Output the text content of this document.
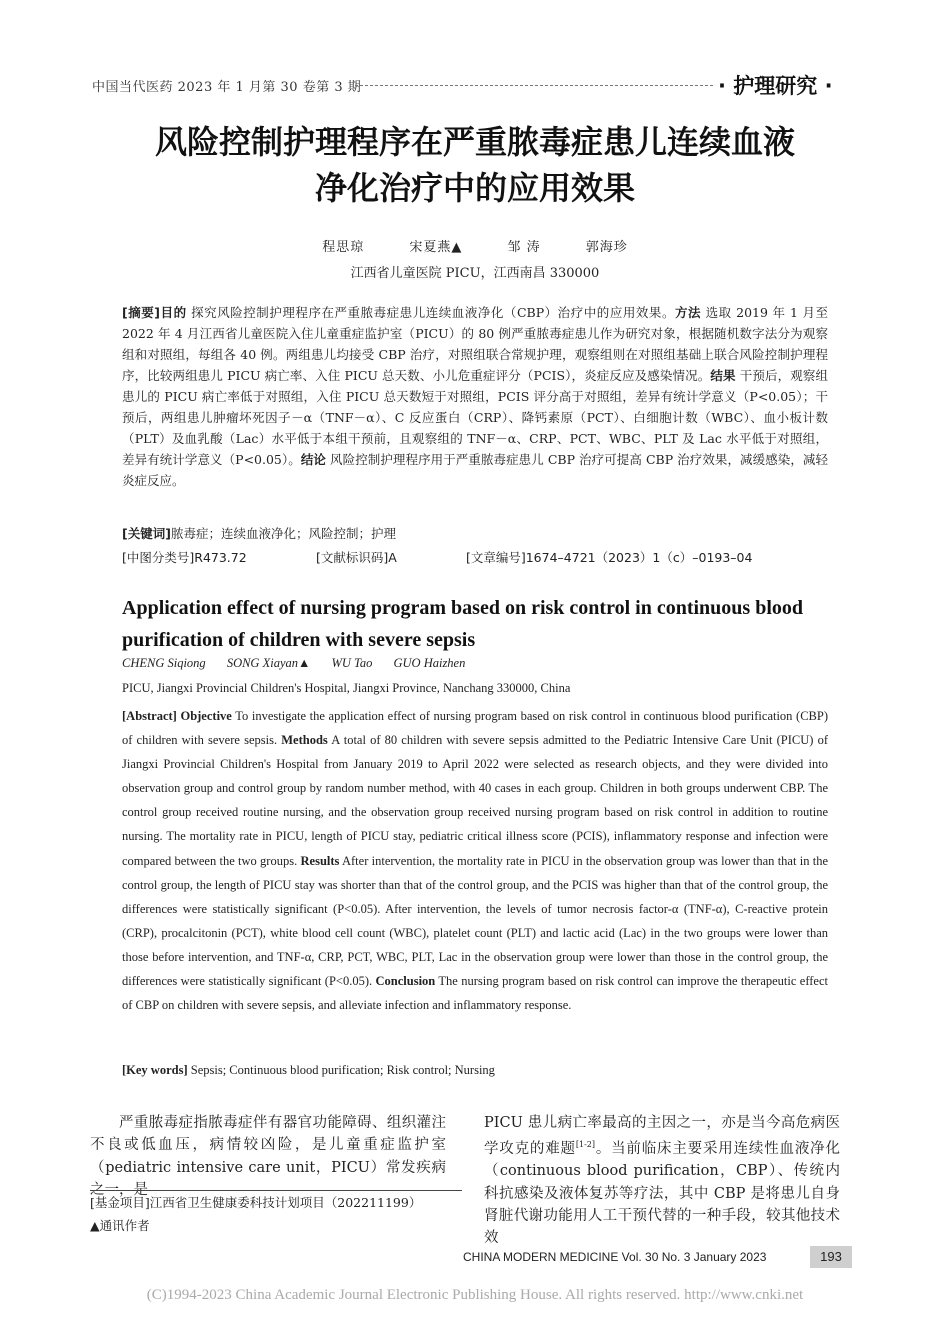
中国当代医药 2023 年 1 月第 30 卷第 3 期	· 护理研究 ·
风险控制护理程序在严重脓毒症患儿连续血液
净化治疗中的应用效果
程思琼	宋夏燕▲	邹 涛	郭海珍
江西省儿童医院 PICU，江西南昌 330000
[摘要]目的 探究风险控制护理程序在严重脓毒症患儿连续血液净化（CBP）治疗中的应用效果。方法 选取 2019 年 1 月至 2022 年 4 月江西省儿童医院入住儿童重症监护室（PICU）的 80 例严重脓毒症患儿作为研究对象，根据随机数字法分为观察组和对照组，每组各 40 例。两组患儿均接受 CBP 治疗，对照组联合常规护理，观察组则在对照组基础上联合风险控制护理程序，比较两组患儿 PICU 病亡率、入住 PICU 总天数、小儿危重症评分（PCIS），炎症反应及感染情况。结果 干预后，观察组患儿的 PICU 病亡率低于对照组，入住 PICU 总天数短于对照组，PCIS 评分高于对照组，差异有统计学意义（P<0.05）；干预后，两组患儿肿瘤坏死因子－α（TNF－α）、C 反应蛋白（CRP）、降钙素原（PCT）、白细胞计数（WBC）、血小板计数（PLT）及血乳酸（Lac）水平低于本组干预前，且观察组的 TNF－α、CRP、PCT、WBC、PLT 及 Lac 水平低于对照组，差异有统计学意义（P<0.05）。结论 风险控制护理程序用于严重脓毒症患儿 CBP 治疗可提高 CBP 治疗效果，减缓感染，减轻炎症反应。
[关键词]脓毒症；连续血液净化；风险控制；护理
[中图分类号]R473.72	[文献标识码]A	[文章编号]1674–4721（2023）1（c）–0193–04
Application effect of nursing program based on risk control in continuous blood purification of children with severe sepsis
CHENG Siqiong SONG Xiayan▲ WU Tao GUO Haizhen
PICU, Jiangxi Provincial Children's Hospital, Jiangxi Province, Nanchang 330000, China
[Abstract] Objective To investigate the application effect of nursing program based on risk control in continuous blood purification (CBP) of children with severe sepsis. Methods A total of 80 children with severe sepsis admitted to the Pediatric Intensive Care Unit (PICU) of Jiangxi Provincial Children's Hospital from January 2019 to April 2022 were selected as research objects, and they were divided into observation group and control group by random number method, with 40 cases in each group. Children in both groups underwent CBP. The control group received routine nursing, and the observation group received nursing program based on risk control in addition to routine nursing. The mortality rate in PICU, length of PICU stay, pediatric critical illness score (PCIS), inflammatory response and infection were compared between the two groups. Results After intervention, the mortality rate in PICU in the observation group was lower than that in the control group, the length of PICU stay was shorter than that of the control group, and the PCIS was higher than that of the control group, the differences were statistically significant (P<0.05). After intervention, the levels of tumor necrosis factor-α (TNF-α), C-reactive protein (CRP), procalcitonin (PCT), white blood cell count (WBC), platelet count (PLT) and lactic acid (Lac) in the two groups were lower than those before intervention, and TNF-α, CRP, PCT, WBC, PLT, Lac in the observation group were lower than those in the control group, the differences were statistically significant (P<0.05). Conclusion The nursing program based on risk control can improve the therapeutic effect of CBP on children with severe sepsis, and alleviate infection and inflammatory response.
[Key words] Sepsis; Continuous blood purification; Risk control; Nursing
严重脓毒症指脓毒症伴有器官功能障碍、组织灌注不良或低血压，病情较凶险，是儿童重症监护室（pediatric intensive care unit，PICU）常发疾病之一，是
PICU 患儿病亡率最高的主因之一，亦是当今高危病医学攻克的难题[1-2]。当前临床主要采用连续性血液净化（continuous blood purification，CBP）、传统内科抗感染及液体复苏等疗法，其中 CBP 是将患儿自身肾脏代谢功能用人工干预代替的一种手段，较其他技术效
[基金项目]江西省卫生健康委科技计划项目（202211199）
▲通讯作者
CHINA MODERN MEDICINE Vol. 30 No. 3 January 2023	193
(C)1994-2023 China Academic Journal Electronic Publishing House. All rights reserved. http://www.cnki.net
